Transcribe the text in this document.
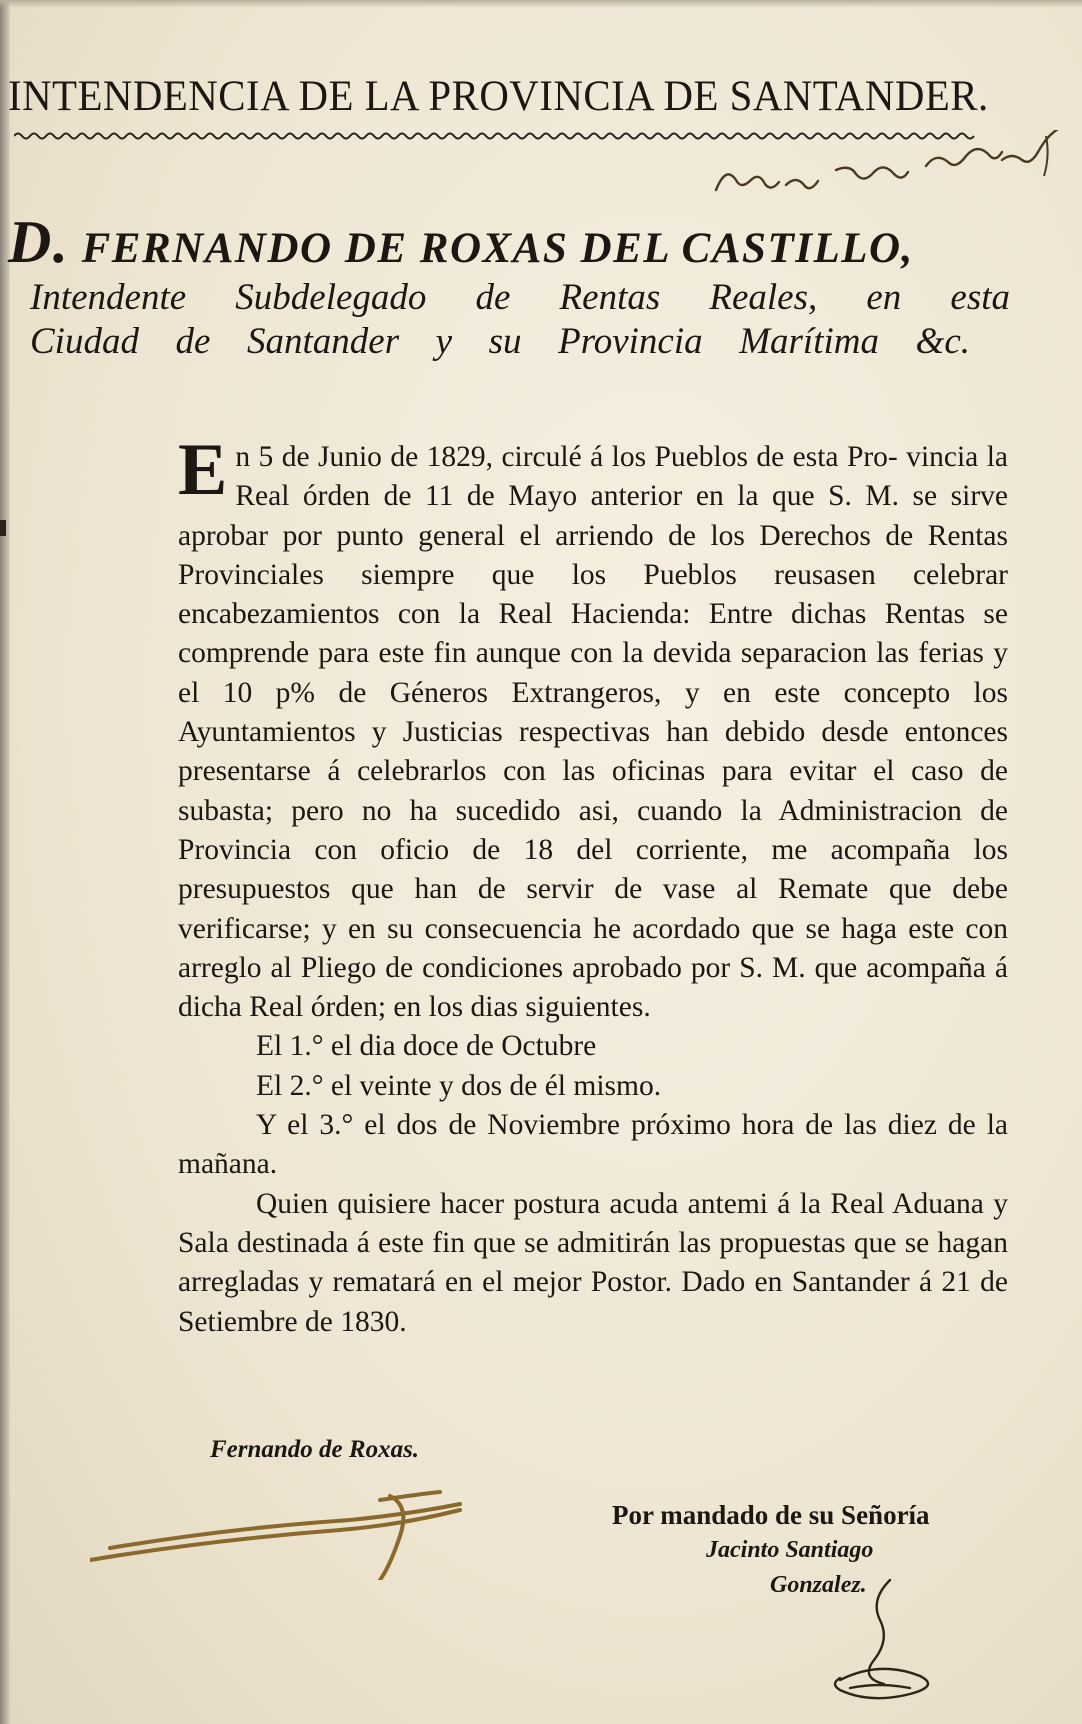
INTENDENCIA DE LA PROVINCIA DE SANTANDER.
D. FERNANDO DE ROXAS DEL CASTILLO,
Intendente Subdelegado de Rentas Reales, en esta
Ciudad de Santander y su Provincia Marítima &c.

En 5 de Junio de 1829, circulé á los Pueblos de esta Pro- vincia la Real órden de 11 de Mayo anterior en la que S. M. se sirve aprobar por punto general el arriendo de los Derechos de Rentas Provinciales siempre que los Pueblos reusasen celebrar encabezamientos con la Real Hacienda: Entre dichas Rentas se comprende para este fin aunque con la devida separacion las ferias y el 10 p% de Géneros Extrangeros, y en este concepto los Ayuntamientos y Justicias respectivas han debido desde entonces presentarse á celebrarlos con las oficinas para evitar el caso de subasta; pero no ha sucedido asi, cuando la Administracion de Provincia con oficio de 18 del corriente, me acompaña los presupuestos que han de servir de vase al Remate que debe verificarse; y en su consecuencia he acordado que se haga este con arreglo al Pliego de condiciones aprobado por S. M. que acompaña á dicha Real órden; en los dias siguientes.

El 1.° el dia doce de Octubre

El 2.° el veinte y dos de él mismo.

Y el 3.° el dos de Noviembre próximo hora de las diez de la mañana.

Quien quisiere hacer postura acuda antemi á la Real Aduana y Sala destinada á este fin que se admitirán las propuestas que se hagan arregladas y rematará en el mejor Postor. Dado en Santander á 21 de Setiembre de 1830.

Fernando de Roxas.
Por mandado de su Señoría
Jacinto Santiago
Gonzalez.
